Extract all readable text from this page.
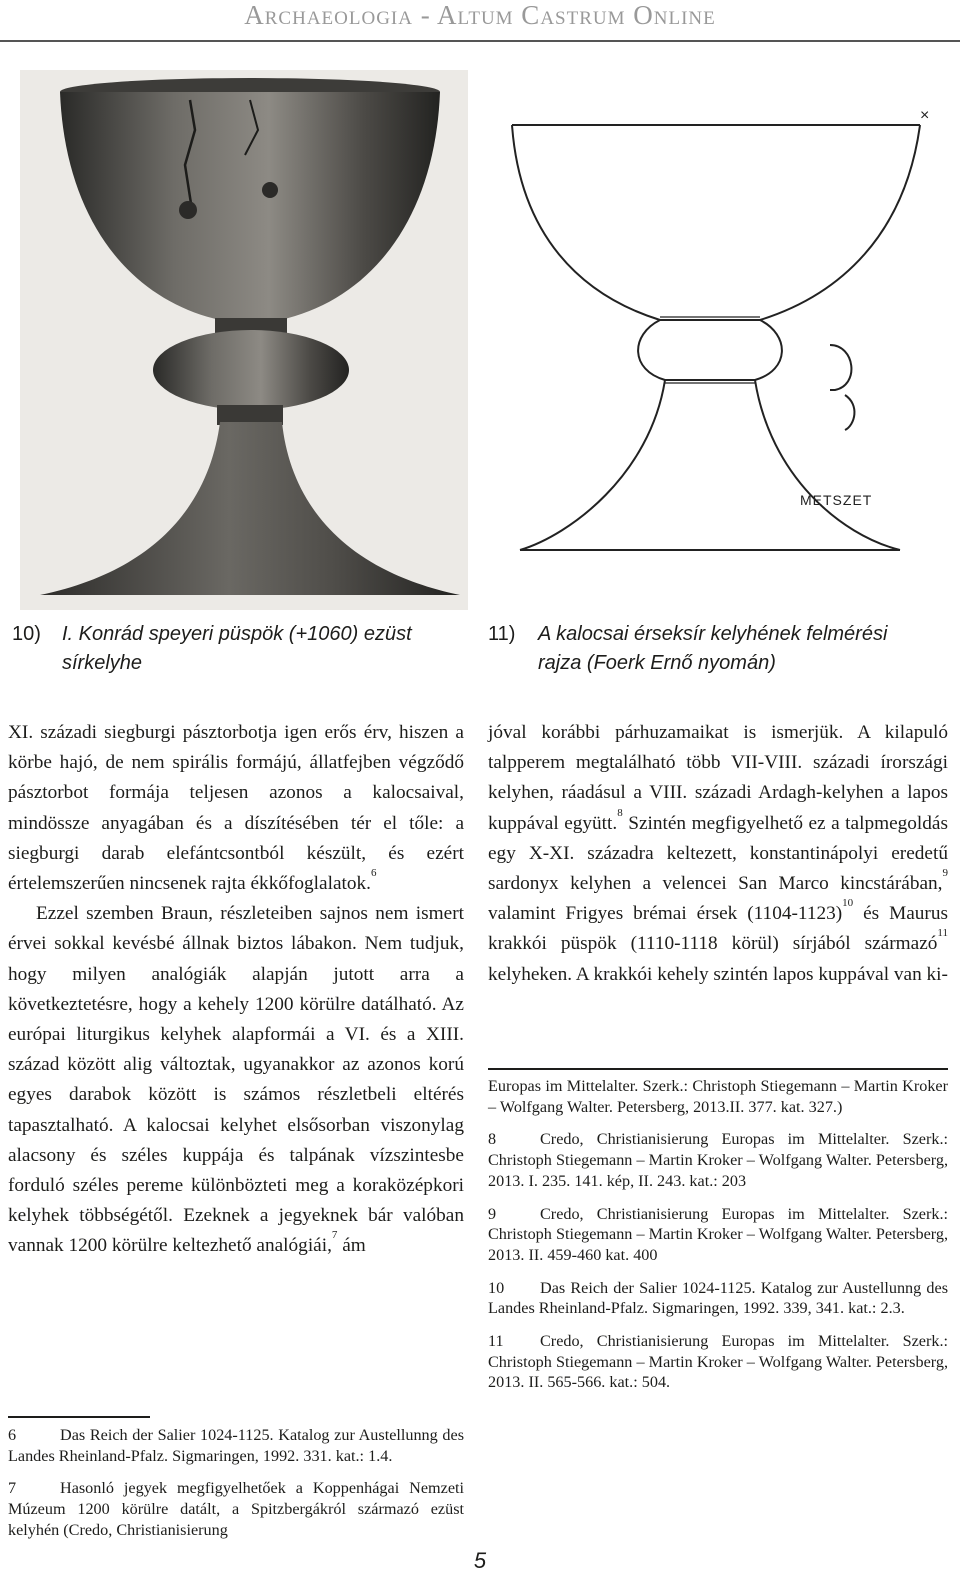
Archaeologia - Altum Castrum Online
×
METSZET
10) I. Konrád speyeri püspök (+1060) ezüst
sírkelyhe
11) A kalocsai érseksír kelyhének felmérési
rajza (Foerk Ernő nyomán)

XI. századi siegburgi pásztorbotja igen erős érv, hiszen a körbe hajó, de nem spirális formájú, állatfejben végződő pásztorbot formája teljesen azonos a kalocsaival, mindössze anyagában és a díszítésében tér el tőle: a siegburgi darab elefántcsontból készült, és ezért értelemszerűen nincsenek rajta ékkőfoglalatok.$^6$

Ezzel szemben Braun, részleteiben sajnos nem ismert érvei sokkal kevésbé állnak biztos lábakon. Nem tudjuk, hogy milyen analógiák alapján jutott arra a következtetésre, hogy a kehely 1200 körülre datálható. Az európai liturgikus kelyhek alapformái a VI. és a XIII. század között alig változtak, ugyanakkor az azonos korú egyes darabok között is számos részletbeli eltérés tapasztalható. A kalocsai kelyhet elsősorban viszonylag alacsony és széles kuppája és talpának vízszintesbe forduló széles pereme különbözteti meg a koraközépkori kelyhek többségétől. Ezeknek a jegyeknek bár valóban vannak 1200 körülre keltezhető analógiái,$^7$ ám

6	Das Reich der Salier 1024-1125. Katalog zur Austellunng des Landes Rheinland-Pfalz. Sigmaringen, 1992. 331. kat.: 1.4.

7	Hasonló jegyek megfigyelhetőek a Koppenhágai Nemzeti Múzeum 1200 körülre datált, a Spitzbergákról származó ezüst kelyhén (Credo, Christianisierung

jóval korábbi párhuzamaikat is ismerjük. A kilapuló talpperem megtalálható több VII-VIII. századi írországi kelyhen, ráadásul a VIII. századi Ardagh-kelyhen a lapos kuppával együtt.$^8$ Szintén megfigyelhető ez a talpmegoldás egy X-XI. századra keltezett, konstantinápolyi eredetű sardonyx kelyhen a velencei San Marco kincstárában,$^9$ valamint Frigyes brémai érsek (1104-1123)$^{10}$ és Maurus krakkói püspök (1110-1118 körül) sírjából származó$^{11}$ kelyheken. A krakkói kehely szintén lapos kuppával van ki-

Europas im Mittelalter. Szerk.: Christoph Stiegemann – Martin Kroker – Wolfgang Walter. Petersberg, 2013.II. 377. kat. 327.)

8	Credo, Christianisierung Europas im Mittelalter. Szerk.: Christoph Stiegemann – Martin Kroker – Wolfgang Walter. Petersberg, 2013. I. 235. 141. kép, II. 243. kat.: 203

9	Credo, Christianisierung Europas im Mittelalter. Szerk.: Christoph Stiegemann – Martin Kroker – Wolfgang Walter. Petersberg, 2013. II. 459-460 kat. 400

10 Das Reich der Salier 1024-1125. Katalog zur Austellunng des Landes Rheinland-Pfalz. Sigmaringen, 1992. 339, 341. kat.: 2.3.

11 Credo, Christianisierung Europas im Mittelalter. Szerk.: Christoph Stiegemann – Martin Kroker – Wolfgang Walter. Petersberg, 2013. II. 565-566. kat.: 504.

5
